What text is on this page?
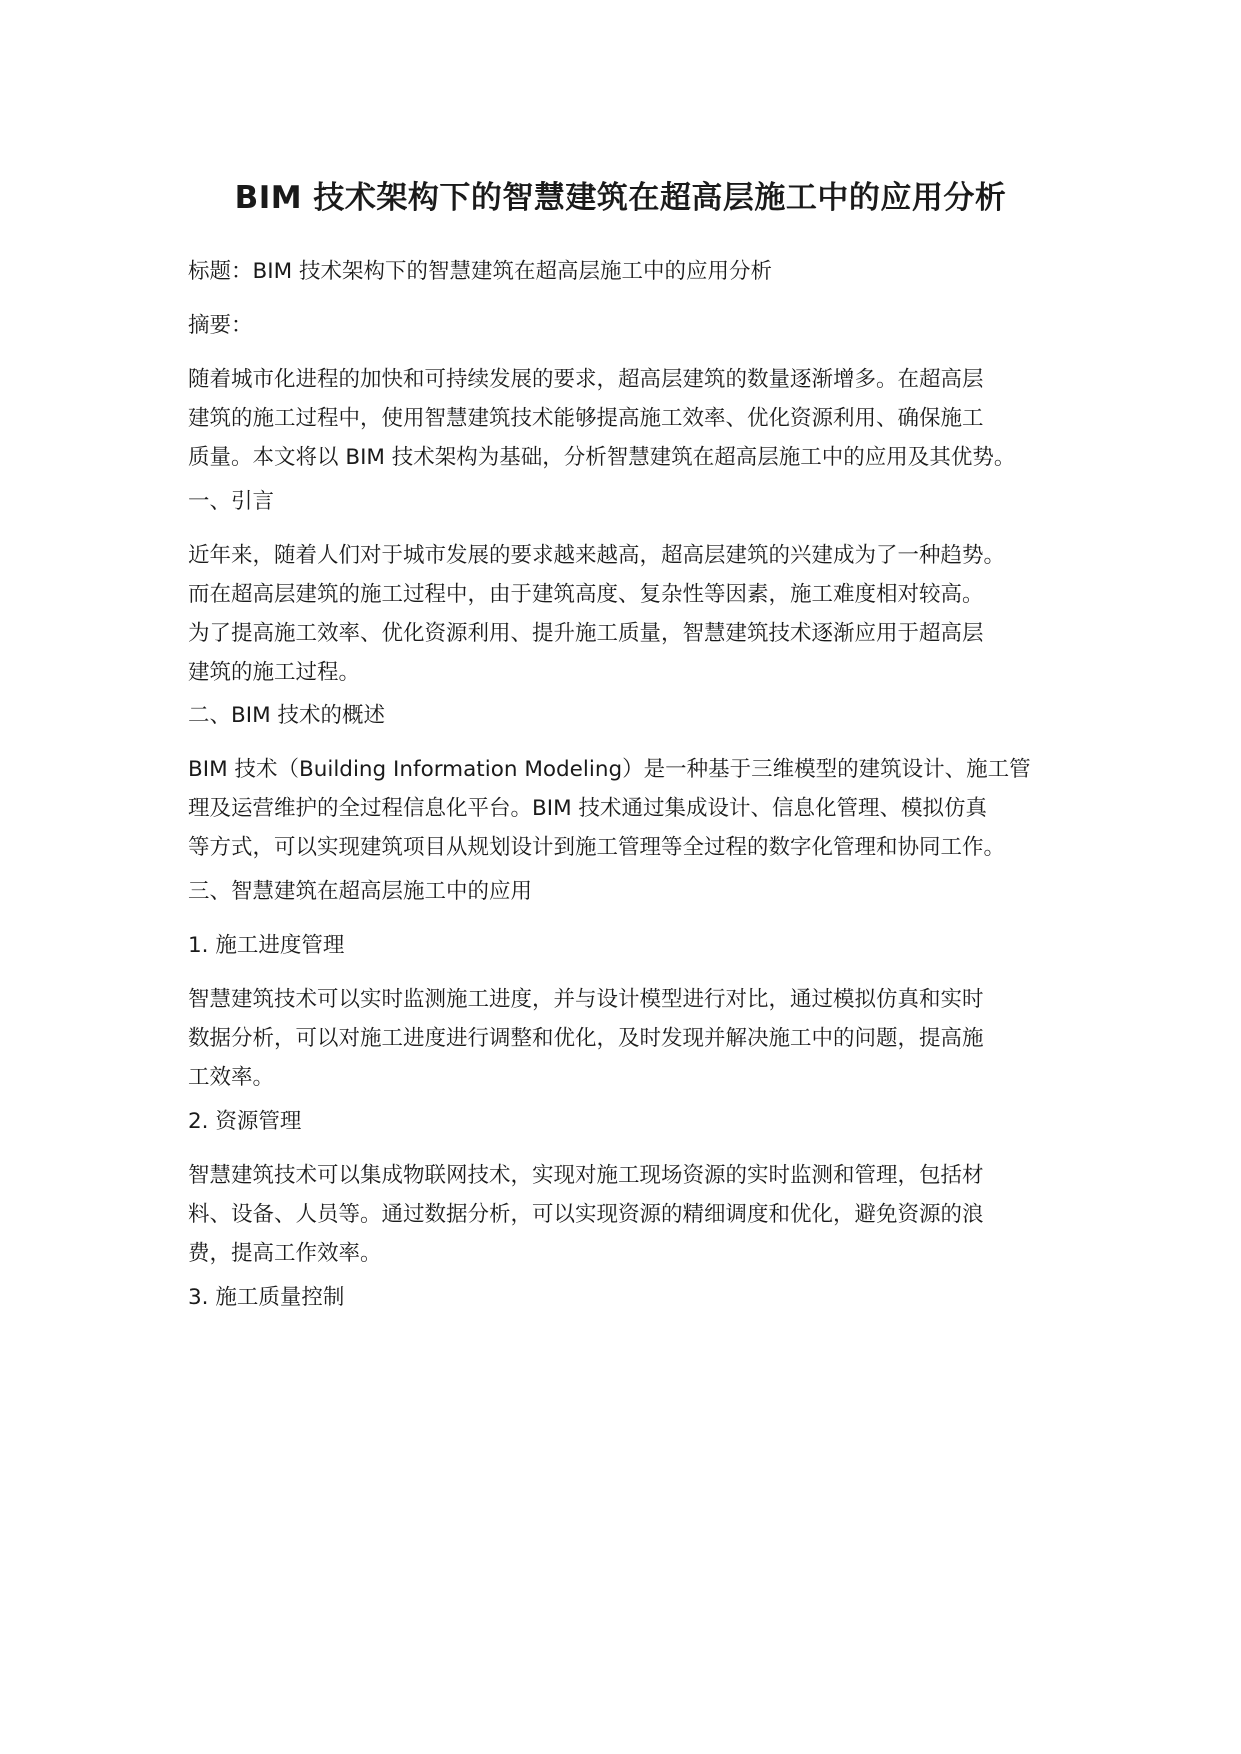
BIM 技术架构下的智慧建筑在超高层施工中的应用分析
标题：BIM 技术架构下的智慧建筑在超高层施工中的应用分析
摘要：
随着城市化进程的加快和可持续发展的要求，超高层建筑的数量逐渐增多。在超高层
建筑的施工过程中，使用智慧建筑技术能够提高施工效率、优化资源利用、确保施工
质量。本文将以 BIM 技术架构为基础，分析智慧建筑在超高层施工中的应用及其优势。
一、引言
近年来，随着人们对于城市发展的要求越来越高，超高层建筑的兴建成为了一种趋势。
而在超高层建筑的施工过程中，由于建筑高度、复杂性等因素，施工难度相对较高。
为了提高施工效率、优化资源利用、提升施工质量，智慧建筑技术逐渐应用于超高层
建筑的施工过程。
二、BIM 技术的概述
BIM 技术（Building Information Modeling）是一种基于三维模型的建筑设计、施工管
理及运营维护的全过程信息化平台。BIM 技术通过集成设计、信息化管理、模拟仿真
等方式，可以实现建筑项目从规划设计到施工管理等全过程的数字化管理和协同工作。
三、智慧建筑在超高层施工中的应用
1. 施工进度管理
智慧建筑技术可以实时监测施工进度，并与设计模型进行对比，通过模拟仿真和实时
数据分析，可以对施工进度进行调整和优化，及时发现并解决施工中的问题，提高施
工效率。
2. 资源管理
智慧建筑技术可以集成物联网技术，实现对施工现场资源的实时监测和管理，包括材
料、设备、人员等。通过数据分析，可以实现资源的精细调度和优化，避免资源的浪
费，提高工作效率。
3. 施工质量控制
